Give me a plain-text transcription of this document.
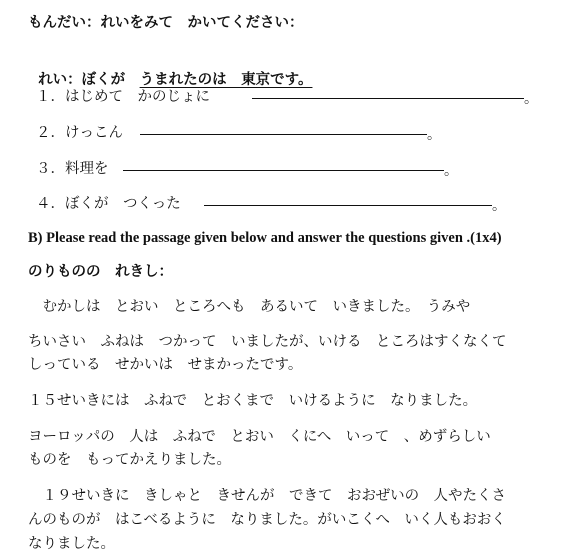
もんだい：れいをみて　かいてください：

れい：ぼくが　うまれたのは　東京です。

１．はじめて　かのじょに	。
２．けっこん	。
３．料理を	。
４．ぼくが　つくった	。
B) Please read the passage given below and answer the questions given .(1x4)
のりものの　れきし：
　むかしは　とおい　ところへも　あるいて　いきました。　うみや
ちいさい　ふねは　つかって　いましたが、いける　ところはすくなくて
しっている　せかいは　せまかったです。
１５せいきには　ふねで　とおくまで　いけるように　なりました。
ヨーロッパの　人は　ふねで　とおい　くにへ　いって　、めずらしい
ものを　もってかえりました。
　１９せいきに　きしゃと　きせんが　できて　おおぜいの　人やたくさ
んのものが　はこべるように　なりました。がいこくへ　いく人もおおく
なりました。
